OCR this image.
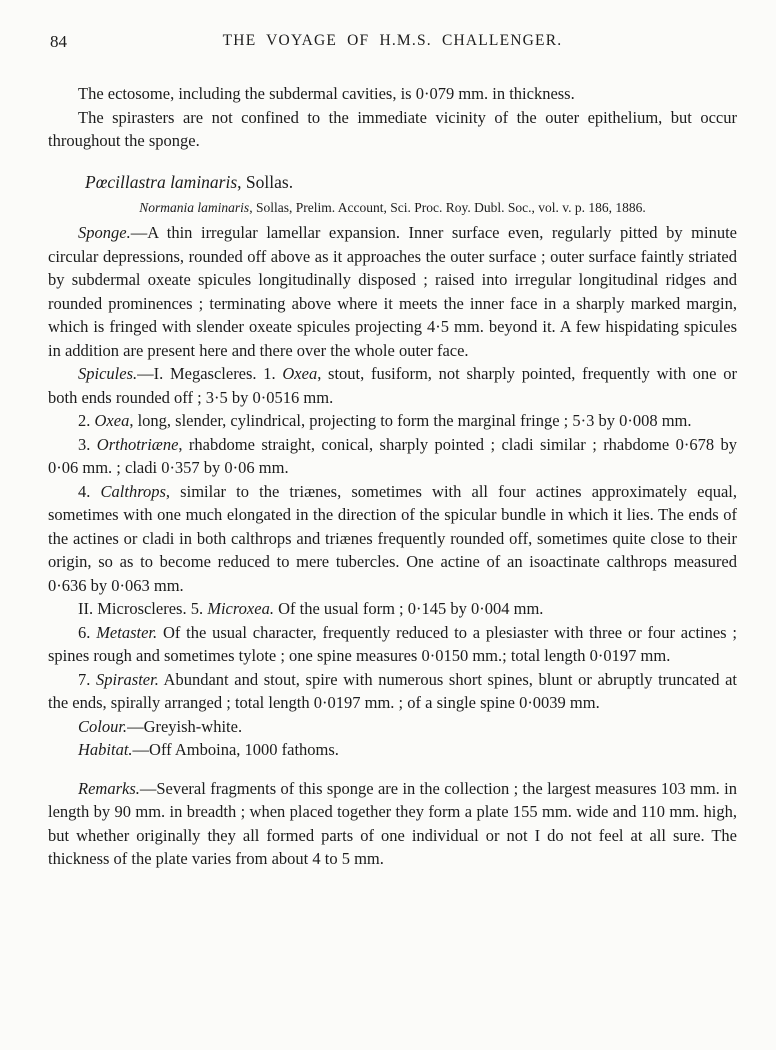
84	THE VOYAGE OF H.M.S. CHALLENGER.

The ectosome, including the subdermal cavities, is 0·079 mm. in thickness.

The spirasters are not confined to the immediate vicinity of the outer epithelium, but occur throughout the sponge.

Pœcillastra laminaris, Sollas.

Normania laminaris, Sollas, Prelim. Account, Sci. Proc. Roy. Dubl. Soc., vol. v. p. 186, 1886.

Sponge.—A thin irregular lamellar expansion. Inner surface even, regularly pitted by minute circular depressions, rounded off above as it approaches the outer surface ; outer surface faintly striated by subdermal oxeate spicules longitudinally disposed ; raised into irregular longitudinal ridges and rounded prominences ; terminating above where it meets the inner face in a sharply marked margin, which is fringed with slender oxeate spicules projecting 4·5 mm. beyond it. A few hispidating spicules in addition are present here and there over the whole outer face.

Spicules.—I. Megascleres. 1. Oxea, stout, fusiform, not sharply pointed, frequently with one or both ends rounded off ; 3·5 by 0·0516 mm.

2. Oxea, long, slender, cylindrical, projecting to form the marginal fringe ; 5·3 by 0·008 mm.

3. Orthotriæne, rhabdome straight, conical, sharply pointed ; cladi similar ; rhabdome 0·678 by 0·06 mm. ; cladi 0·357 by 0·06 mm.

4. Calthrops, similar to the triænes, sometimes with all four actines approximately equal, sometimes with one much elongated in the direction of the spicular bundle in which it lies. The ends of the actines or cladi in both calthrops and triænes frequently rounded off, sometimes quite close to their origin, so as to become reduced to mere tubercles. One actine of an isoactinate calthrops measured 0·636 by 0·063 mm.

II. Microscleres. 5. Microxea. Of the usual form ; 0·145 by 0·004 mm.

6. Metaster. Of the usual character, frequently reduced to a plesiaster with three or four actines ; spines rough and sometimes tylote ; one spine measures 0·0150 mm.; total length 0·0197 mm.

7. Spiraster. Abundant and stout, spire with numerous short spines, blunt or abruptly truncated at the ends, spirally arranged ; total length 0·0197 mm. ; of a single spine 0·0039 mm.

Colour.—Greyish-white.

Habitat.—Off Amboina, 1000 fathoms.

Remarks.—Several fragments of this sponge are in the collection ; the largest measures 103 mm. in length by 90 mm. in breadth ; when placed together they form a plate 155 mm. wide and 110 mm. high, but whether originally they all formed parts of one individual or not I do not feel at all sure. The thickness of the plate varies from about 4 to 5 mm.
